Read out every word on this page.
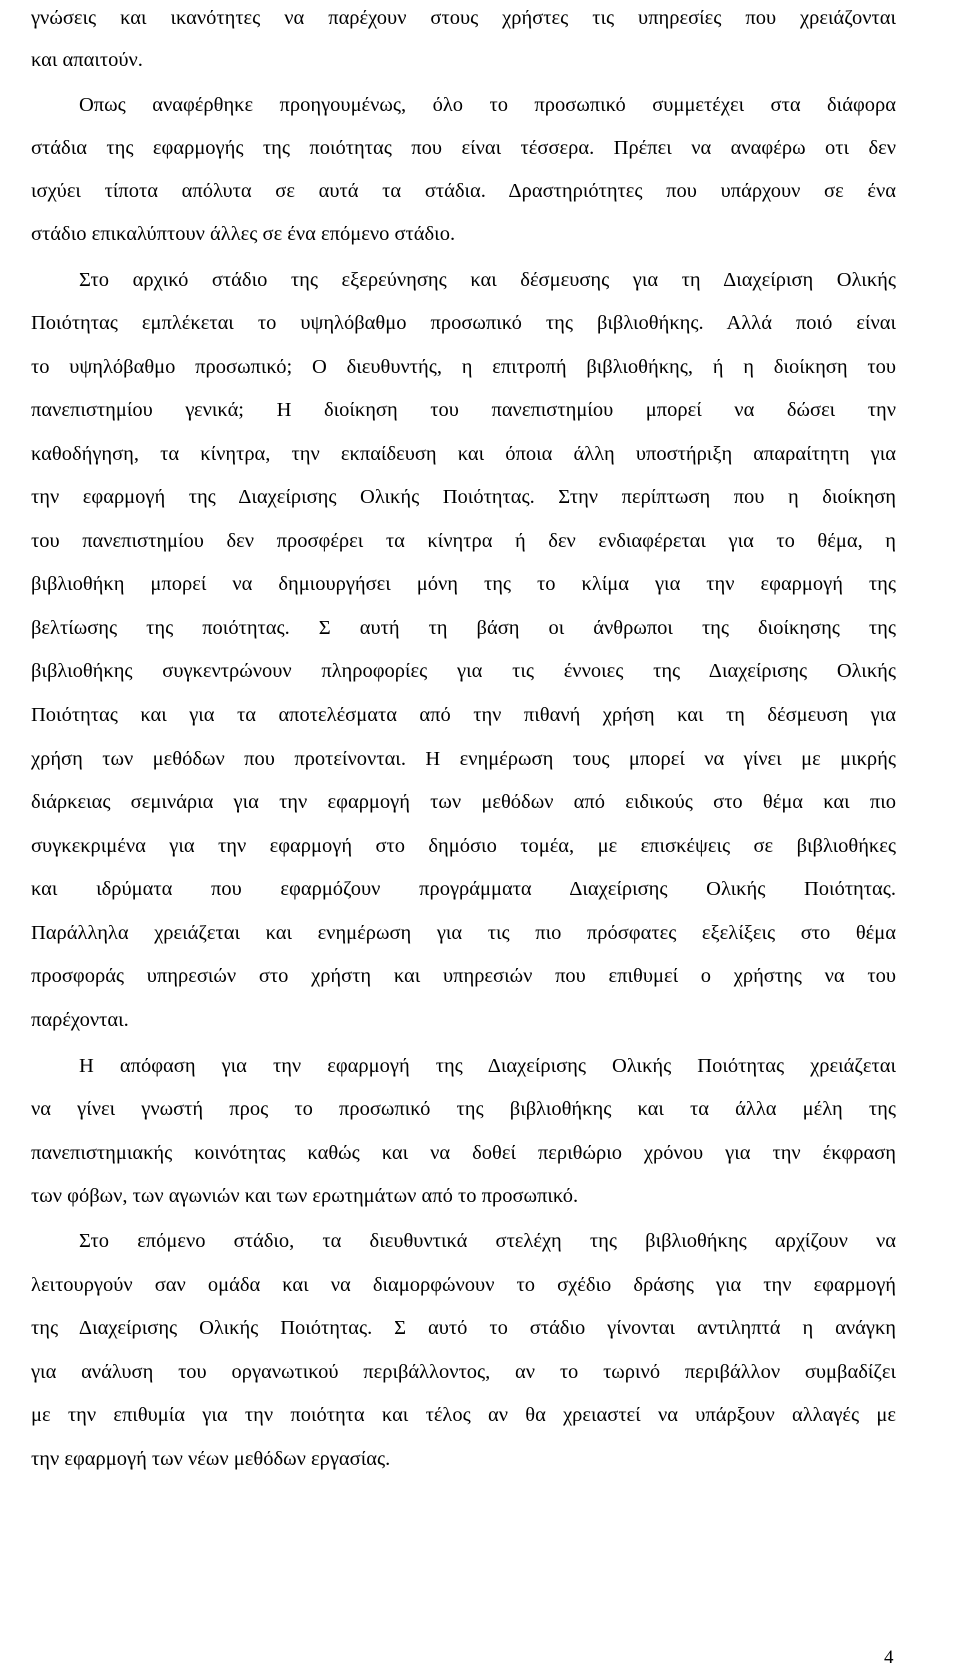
γνώσεις και ικανότητες να παρέχουν στους χρήστες τις υπηρεσίες που χρειάζονται
και απαιτούν.
Οπως αναφέρθηκε προηγουμένως, όλο το προσωπικό συμμετέχει στα διάφορα
στάδια της εφαρμογής της ποιότητας που είναι τέσσερα. Πρέπει να αναφέρω οτι δεν
ισχύει τίποτα απόλυτα σε αυτά τα στάδια. Δραστηριότητες που υπάρχουν σε ένα
στάδιο επικαλύπτουν άλλες σε ένα επόμενο στάδιο.
Στο αρχικό στάδιο της εξερεύνησης και δέσμευσης για τη Διαχείριση Ολικής
Ποιότητας εμπλέκεται το υψηλόβαθμο προσωπικό της βιβλιοθήκης. Αλλά ποιό είναι
το υψηλόβαθμο προσωπικό; Ο διευθυντής, η επιτροπή βιβλιοθήκης, ή η διοίκηση του
πανεπιστημίου γενικά; Η διοίκηση του πανεπιστημίου μπορεί να δώσει την
καθοδήγηση, τα κίνητρα, την εκπαίδευση και όποια άλλη υποστήριξη απαραίτητη για
την εφαρμογή της Διαχείρισης Ολικής Ποιότητας. Στην περίπτωση που η διοίκηση
του πανεπιστημίου δεν προσφέρει τα κίνητρα ή δεν ενδιαφέρεται για το θέμα, η
βιβλιοθήκη μπορεί να δημιουργήσει μόνη της το κλίμα για την εφαρμογή της
βελτίωσης της ποιότητας. Σ αυτή τη βάση οι άνθρωποι της διοίκησης της
βιβλιοθήκης συγκεντρώνουν πληροφορίες για τις έννοιες της Διαχείρισης Ολικής
Ποιότητας και για τα αποτελέσματα από την πιθανή χρήση και τη δέσμευση για
χρήση των μεθόδων που προτείνονται. Η ενημέρωση τους μπορεί να γίνει με μικρής
διάρκειας σεμινάρια για την εφαρμογή των μεθόδων από ειδικούς στο θέμα και πιο
συγκεκριμένα για την εφαρμογή στο δημόσιο τομέα, με επισκέψεις σε βιβλιοθήκες
και ιδρύματα που εφαρμόζουν προγράμματα Διαχείρισης Ολικής Ποιότητας.
Παράλληλα χρειάζεται και ενημέρωση για τις πιο πρόσφατες εξελίξεις στο θέμα
προσφοράς υπηρεσιών στο χρήστη και υπηρεσιών που επιθυμεί ο χρήστης να του
παρέχονται.
Η απόφαση για την εφαρμογή της Διαχείρισης Ολικής Ποιότητας χρειάζεται
να γίνει γνωστή προς το προσωπικό της βιβλιοθήκης και τα άλλα μέλη της
πανεπιστημιακής κοινότητας καθώς και να δοθεί περιθώριο χρόνου για την έκφραση
των φόβων, των αγωνιών και των ερωτημάτων από το προσωπικό.
Στο επόμενο στάδιο, τα διευθυντικά στελέχη της βιβλιοθήκης αρχίζουν να
λειτουργούν σαν ομάδα και να διαμορφώνουν το σχέδιο δράσης για την εφαρμογή
της Διαχείρισης Ολικής Ποιότητας. Σ αυτό το στάδιο γίνονται αντιληπτά η ανάγκη
για ανάλυση του οργανωτικού περιβάλλοντος, αν το τωρινό περιβάλλον συμβαδίζει
με την επιθυμία για την ποιότητα και τέλος αν θα χρειαστεί να υπάρξουν αλλαγές με
την εφαρμογή των νέων μεθόδων εργασίας.
4
